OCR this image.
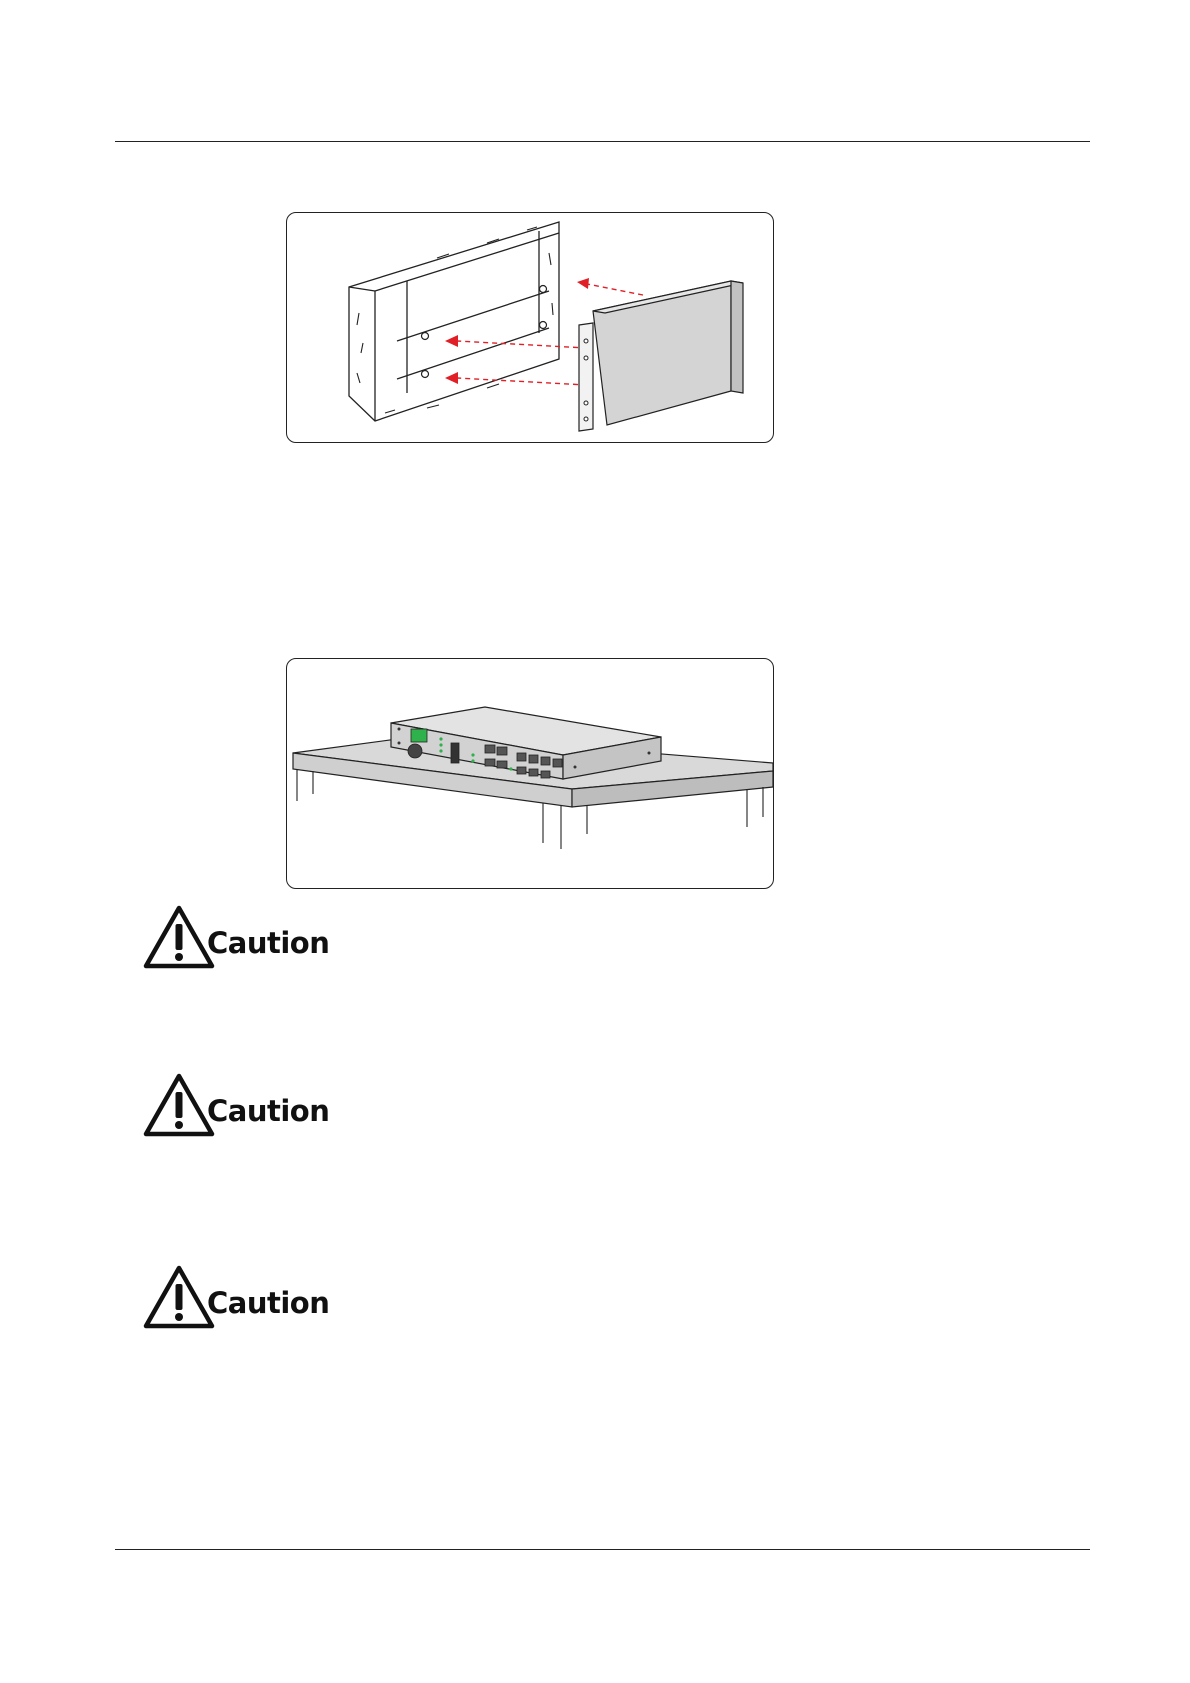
Caution
Caution
Caution
